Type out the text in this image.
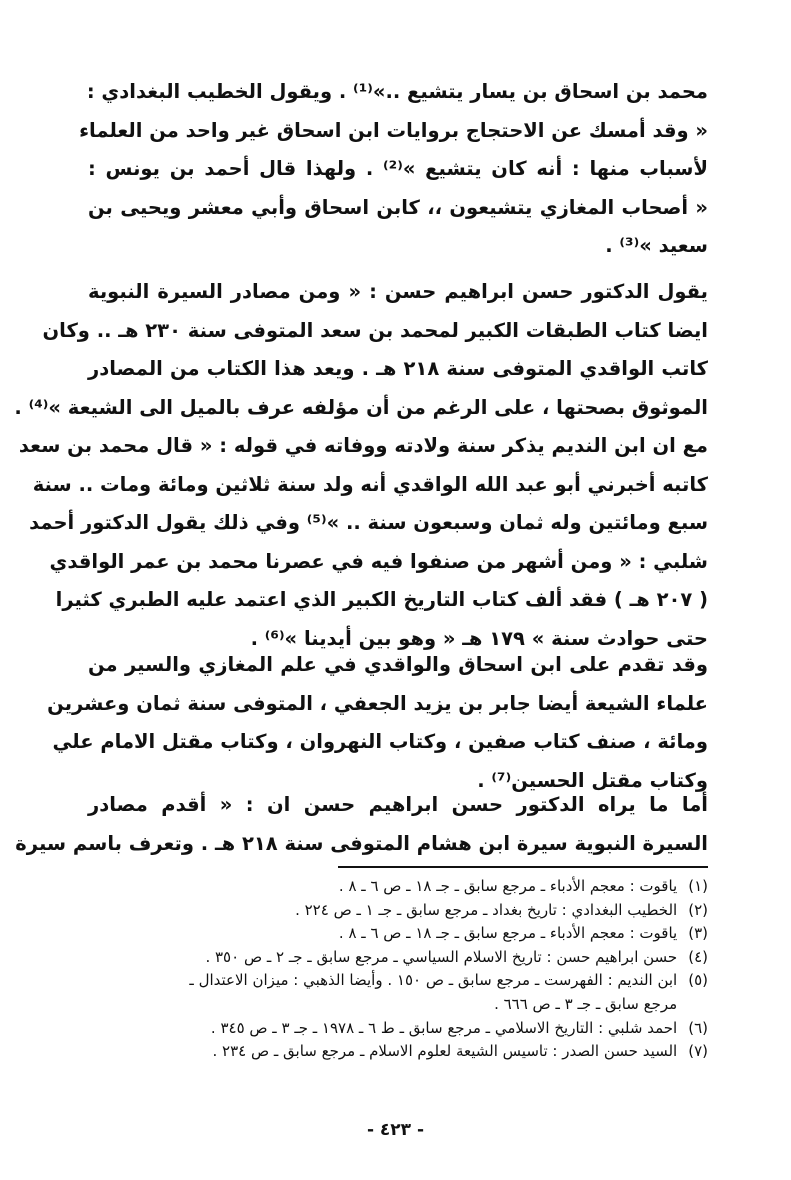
محمد بن اسحاق بن يسار يتشيع ..»⁽¹⁾ . ويقول الخطيب البغدادي :
« وقد أمسك عن الاحتجاج بروايات ابن اسحاق غير واحد من العلماء
لأسباب منها : أنه كان يتشيع »⁽²⁾ . ولهذا قال أحمد بن يونس :
« أصحاب المغازي يتشيعون ،، كابن اسحاق وأبي معشر ويحيى بن
سعيد »⁽³⁾ .
يقول الدكتور حسن ابراهيم حسن : « ومن مصادر السيرة النبوية
ايضا كتاب الطبقات الكبير لمحمد بن سعد المتوفى سنة ٢٣٠ هـ .. وكان
كاتب الواقدي المتوفى سنة ٢١٨ هـ . ويعد هذا الكتاب من المصادر
الموثوق بصحتها ، على الرغم من أن مؤلفه عرف بالميل الى الشيعة »⁽⁴⁾ .
مع ان ابن النديم يذكر سنة ولادته ووفاته في قوله : « قال محمد بن سعد
كاتبه أخبرني أبو عبد الله الواقدي أنه ولد سنة ثلاثين ومائة ومات .. سنة
سبع ومائتين وله ثمان وسبعون سنة .. »⁽⁵⁾ وفي ذلك يقول الدكتور أحمد
شلبي : « ومن أشهر من صنفوا فيه في عصرنا محمد بن عمر الواقدي
( ٢٠٧ هـ ) فقد ألف كتاب التاريخ الكبير الذي اعتمد عليه الطبري كثيرا
حتى حوادث سنة » ١٧٩ هـ « وهو بين أيدينا »⁽⁶⁾ .
وقد تقدم على ابن اسحاق والواقدي في علم المغازي والسير من
علماء الشيعة أيضا جابر بن يزيد الجعفي ، المتوفى سنة ثمان وعشرين
ومائة ، صنف كتاب صفين ، وكتاب النهروان ، وكتاب مقتل الامام علي
وكتاب مقتل الحسين⁽⁷⁾ .
أما ما يراه الدكتور حسن ابراهيم حسن ان : « أقدم مصادر
السيرة النبوية سيرة ابن هشام المتوفى سنة ٢١٨ هـ . وتعرف باسم سيرة
(١) ياقوت : معجم الأدباء ـ مرجع سابق ـ جـ ١٨ ـ ص ٦ ـ ٨ .
(٢) الخطيب البغدادي : تاريخ بغداد ـ مرجع سابق ـ جـ ١ ـ ص ٢٢٤ .
(٣) ياقوت : معجم الأدباء ـ مرجع سابق ـ جـ ١٨ ـ ص ٦ ـ ٨ .
(٤) حسن ابراهيم حسن : تاريخ الاسلام السياسي ـ مرجع سابق ـ جـ ٢ ـ ص ٣٥٠ .
(٥) ابن النديم : الفهرست ـ مرجع سابق ـ ص ١٥٠ . وأيضا الذهبي : ميزان الاعتدال ـ
مرجع سابق ـ جـ ٣ ـ ص ٦٦٦ .
(٦) احمد شلبي : التاريخ الاسلامي ـ مرجع سابق ـ ط ٦ ـ ١٩٧٨ ـ جـ ٣ ـ ص ٣٤٥ .
(٧) السيد حسن الصدر : تاسيس الشيعة لعلوم الاسلام ـ مرجع سابق ـ ص ٢٣٤ .
- ٤٢٣ -
